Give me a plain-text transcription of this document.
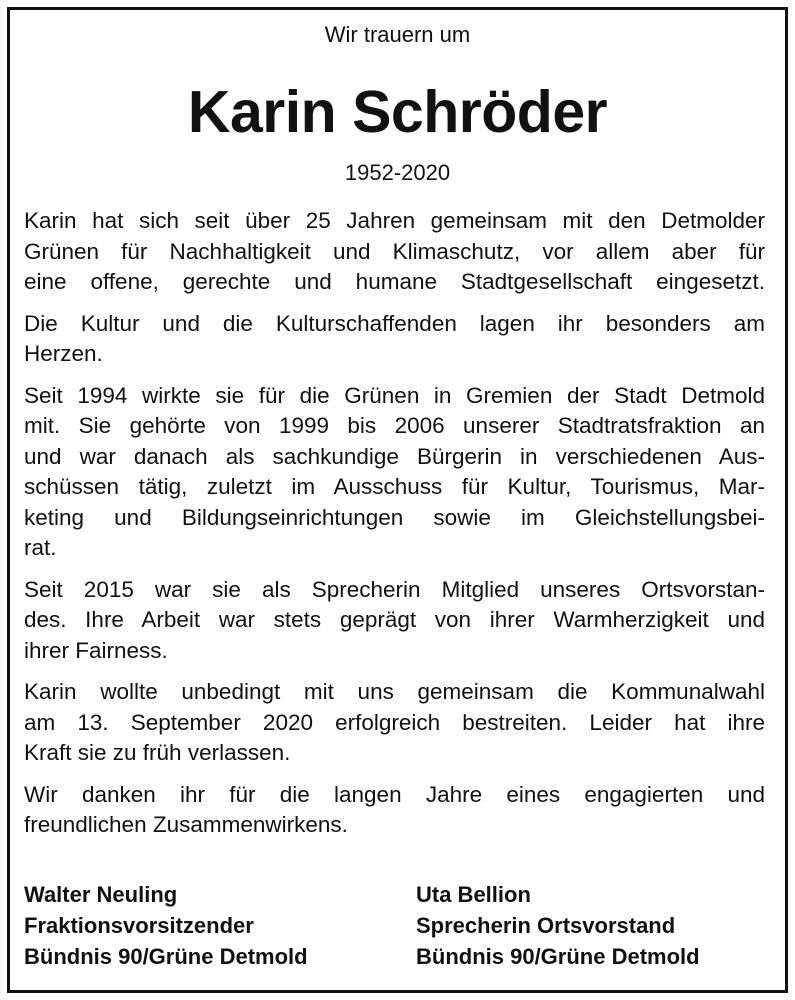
Wir trauern um
Karin Schröder
1952-2020
Karin hat sich seit über 25 Jahren gemeinsam mit den Detmolder
Grünen für Nachhaltigkeit und Klimaschutz, vor allem aber für
eine offene, gerechte und humane Stadtgesellschaft eingesetzt.
Die Kultur und die Kulturschaffenden lagen ihr besonders am
Herzen.
Seit 1994 wirkte sie für die Grünen in Gremien der Stadt Detmold
mit. Sie gehörte von 1999 bis 2006 unserer Stadtratsfraktion an
und war danach als sachkundige Bürgerin in verschiedenen Aus-
schüssen tätig, zuletzt im Ausschuss für Kultur, Tourismus, Mar-
keting und Bildungseinrichtungen sowie im Gleichstellungsbei-
rat.
Seit 2015 war sie als Sprecherin Mitglied unseres Ortsvorstan-
des. Ihre Arbeit war stets geprägt von ihrer Warmherzigkeit und
ihrer Fairness.
Karin wollte unbedingt mit uns gemeinsam die Kommunalwahl
am 13. September 2020 erfolgreich bestreiten. Leider hat ihre
Kraft sie zu früh verlassen.
Wir danken ihr für die langen Jahre eines engagierten und
freundlichen Zusammenwirkens.
Walter Neuling
Fraktionsvorsitzender
Bündnis 90/Grüne Detmold
Uta Bellion
Sprecherin Ortsvorstand
Bündnis 90/Grüne Detmold
